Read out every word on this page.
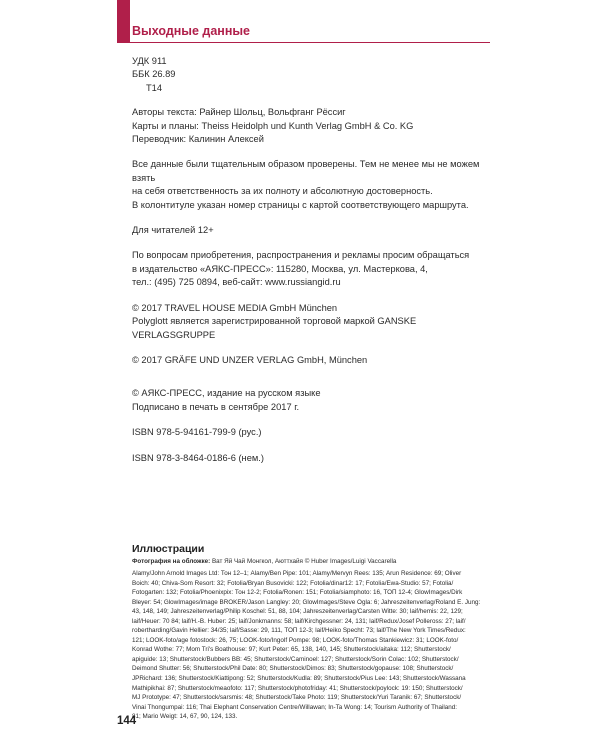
Выходные данные

УДК 911

ББК 26.89

Т14

Авторы текста: Райнер Шольц, Вольфганг Рёссиг

Карты и планы: Theiss Heidolph und Kunth Verlag GmbH & Co. KG

Переводчик: Калинин Алексей

Все данные были тщательным образом проверены. Тем не менее мы не можем взять

на себя ответственность за их полноту и абсолютную достоверность.

В колонтитуле указан номер страницы с картой соответствующего маршрута.

Для читателей 12+

По вопросам приобретения, распространения и рекламы просим обращаться

в издательство «АЯКС-ПРЕСС»: 115280, Москва, ул. Мастеркова, 4,

тел.: (495) 725 0894, веб-сайт: www.russiangid.ru

© 2017 TRAVEL HOUSE MEDIA GmbH München

Polyglott является зарегистрированной торговой маркой GANSKE VERLAGSGRUPPE

© 2017 GRÄFE UND UNZER VERLAG GmbH, München

© АЯКС-ПРЕСС, издание на русском языке

Подписано в печать в сентябре 2017 г.

ISBN 978-5-94161-799-9 (рус.)

ISBN 978-3-8464-0186-6 (нем.)

Иллюстрации
Фотография на обложке: Ват Яй Чай Монгкол, Аюттхайя © Huber Images/Luigi Vaccarella
Alamy/John Arnold Images Ltd: Тон 12–1; Alamy/Ben Pipe: 101; Alamy/Mervyn Rees: 135; Arun Residence: 69; Oliver
Boich: 40; Chiva-Som Resort: 32; Fotolia/Bryan Busovicki: 122; Fotolia/dinar12: 17; Fotolia/Ewa-Studio: 57; Fotolia/
Fotogarten: 132; Fotolia/Phoenixpix: Тон 12-2; Fotolia/Ronen: 151; Fotolia/siamphoto: 16, ТОП 12-4; GlowImages/Dirk
Bleyer: 54; GlowImages/image BROKER/Jason Langley: 20; GlowImages/Steve Ogla: 6; Jahreszeitenverlag/Roland E. Jung:
43, 148, 149; Jahreszeitenverlag/Philip Koschel: 51, 88, 104; Jahreszeitenverlag/Carsten Witte: 30; laif/hemis: 22, 129;
laif/Heuer: 70 84; laif/H.-B. Huber: 25; laif/Jonkmanns: 58; laif/Kirchgessner: 24, 131; laif/Redux/Josef Polleross: 27; laif/
robertharding/Gavin Hellier: 34/35; laif/Sasse: 29, 111, ТОП 12-3; laif/Heiko Specht: 73; laif/The New York Times/Redux:
121; LOOK-foto/age fotostock: 26, 75; LOOK-foto/Ingolf Pompe: 98; LOOK-foto/Thomas Stankiewicz: 31; LOOK-foto/
Konrad Wothe: 77; Mom Tri's Boathouse: 97; Kurt Peter: 65, 138, 140, 145; Shutterstock/aitaka: 112; Shutterstock/
apiguide: 13; Shutterstock/Bubbers BB: 45; Shutterstock/Caminoel: 127; Shutterstock/Sorin Colac: 102; Shutterstock/
Deimond Shutter: 56; Shutterstock/Phil Date: 80; Shutterstock/Dimos: 83; Shutterstock/gopause: 108; Shutterstock/
JPRichard: 136; Shutterstock/Kiattipong: 52; Shutterstock/Kudla: 89; Shutterstock/Pius Lee: 143; Shutterstock/Wassana
Mathipikhai: 87; Shutterstock/meaofoto: 117; Shutterstock/photofriday: 41; Shutterstock/poylock: 19: 150; Shutterstock/
MJ Prototype: 47; Shutterstock/sarsmis: 48; Shutterstock/Take Photo: 119; Shutterstock/Yuri Taranik: 67; Shutterstock/
Vinai Thongumpai: 116; Thai Elephant Conservation Centre/Willawan; In-Ta Wong: 14; Tourism Authority of Thailand:
81; Mario Weigt: 14, 67, 90, 124, 133.
144
